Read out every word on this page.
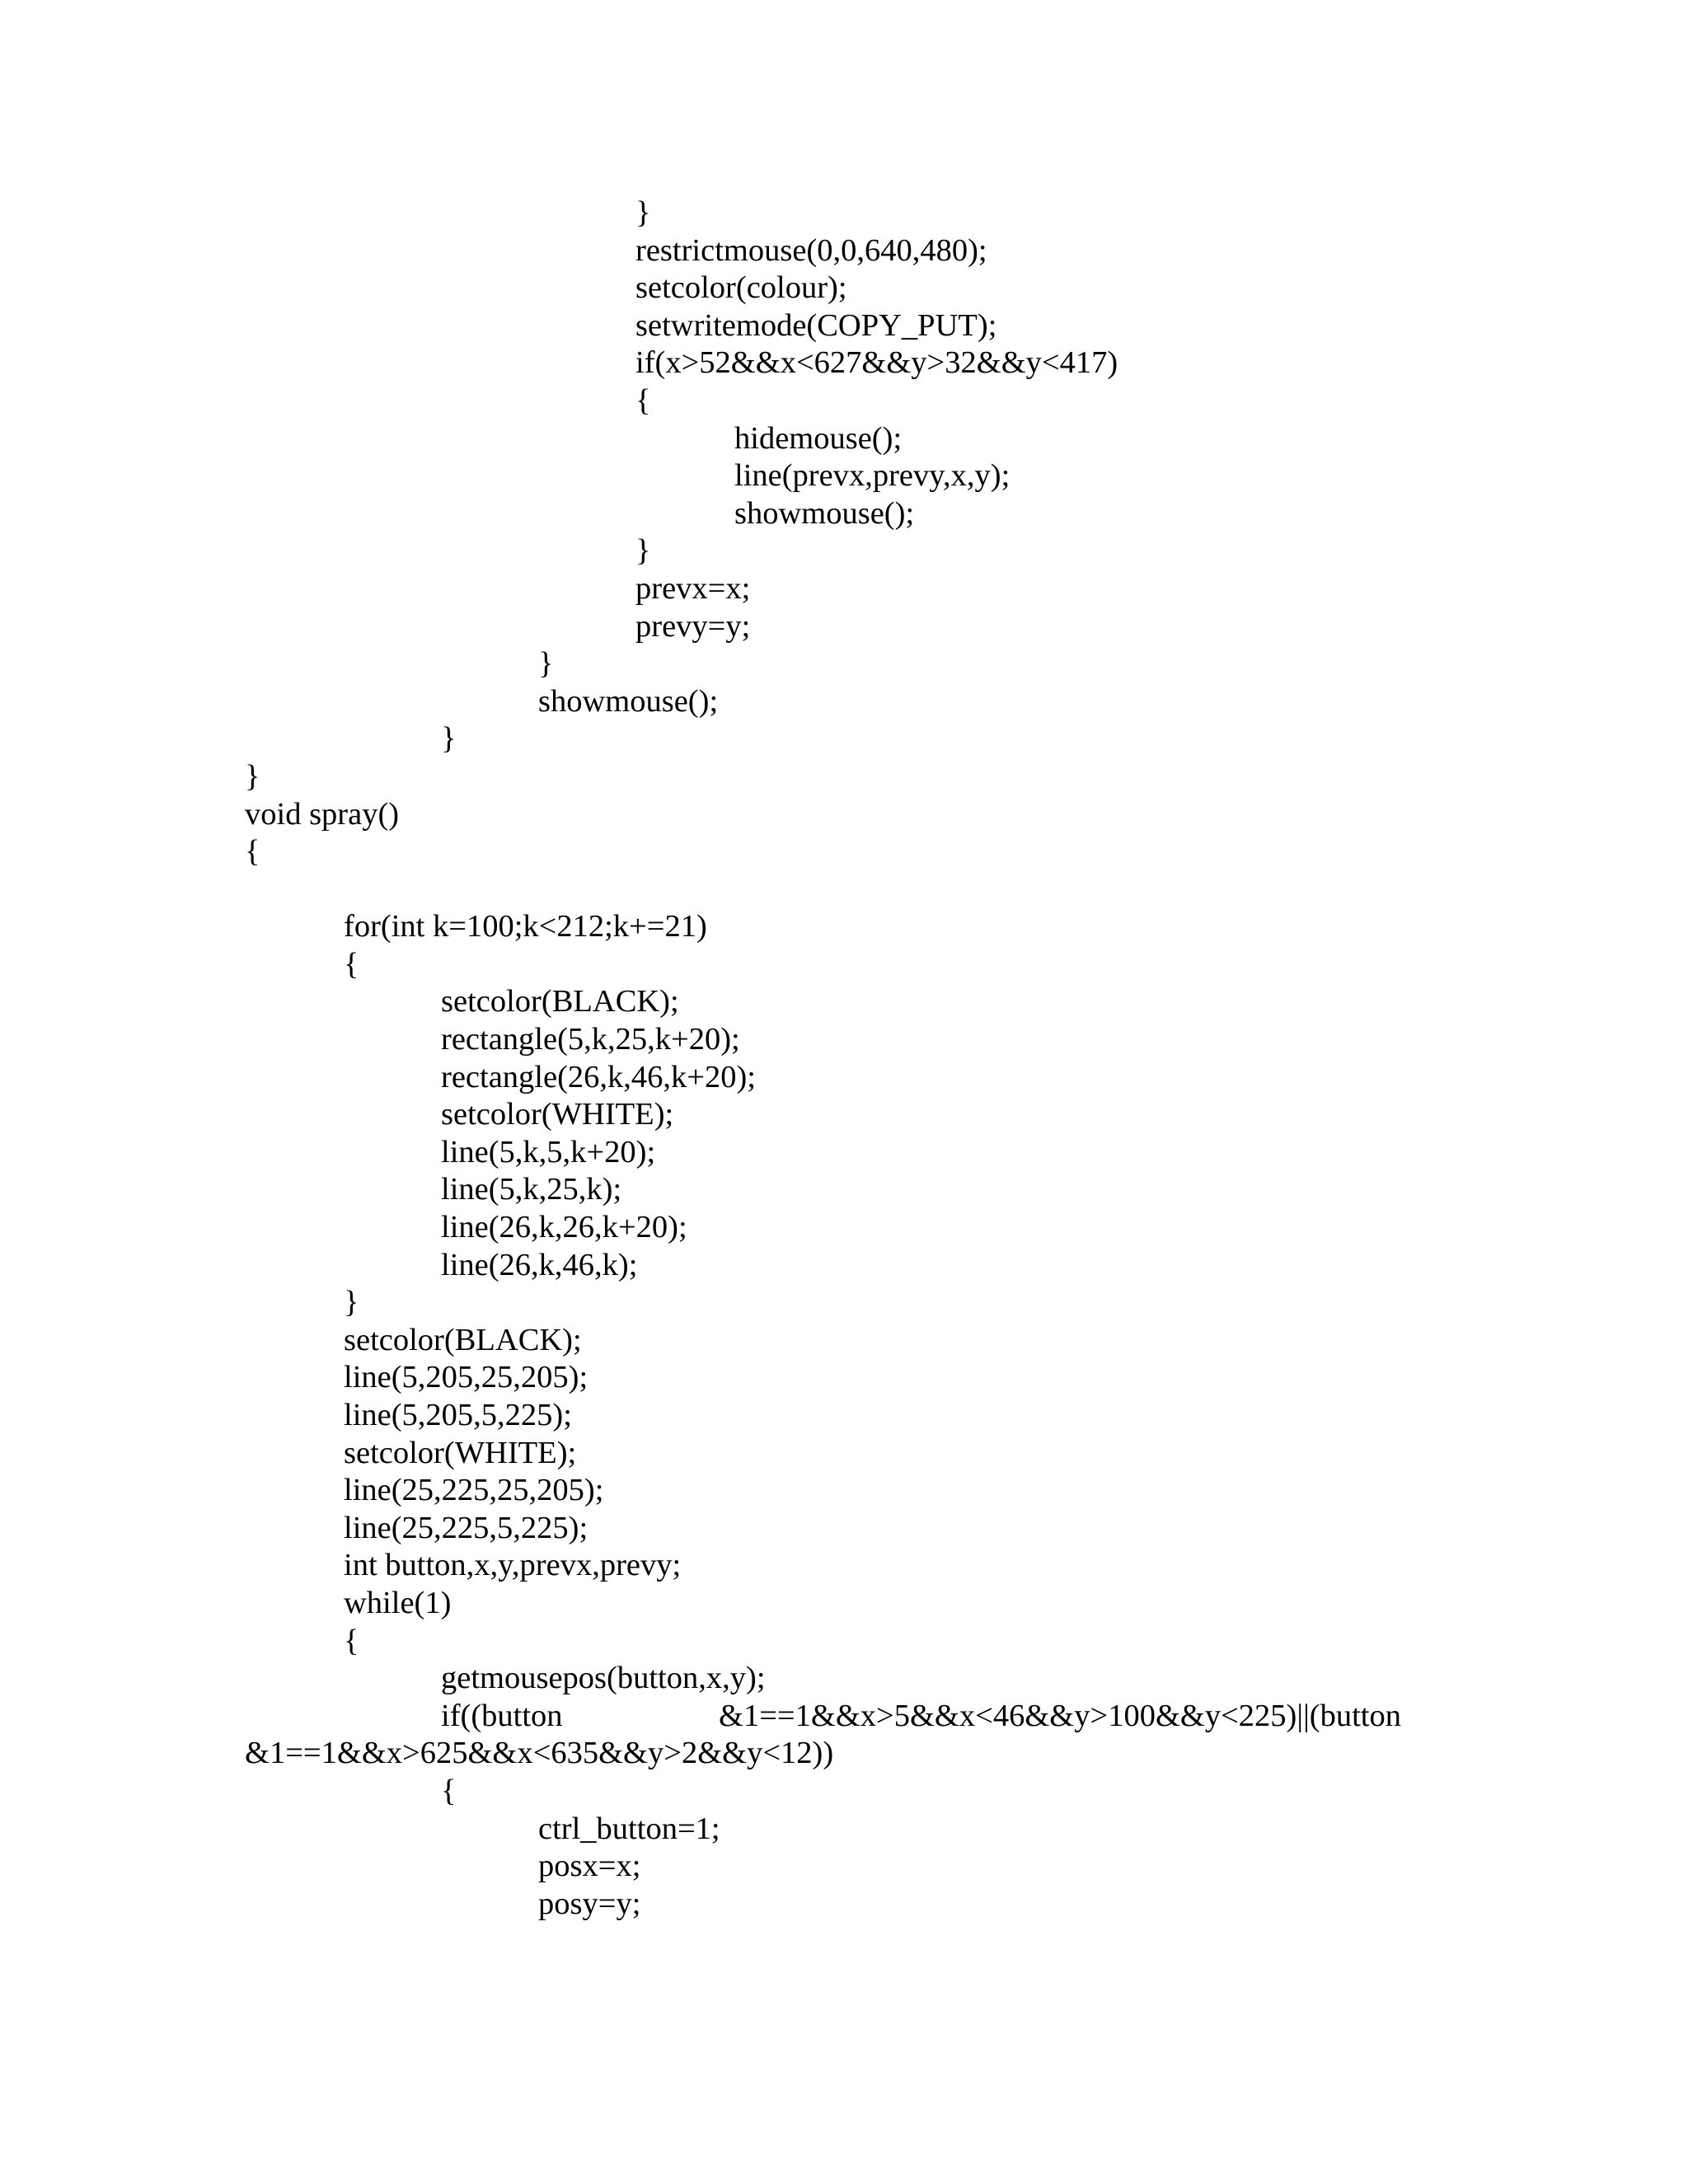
}
restrictmouse(0,0,640,480);
setcolor(colour);
setwritemode(COPY_PUT);
if(x>52&&x<627&&y>32&&y<417)
{
hidemouse();
line(prevx,prevy,x,y);
showmouse();
}
prevx=x;
prevy=y;
}
showmouse();
}
}
void spray()
{
for(int k=100;k<212;k+=21)
{
setcolor(BLACK);
rectangle(5,k,25,k+20);
rectangle(26,k,46,k+20);
setcolor(WHITE);
line(5,k,5,k+20);
line(5,k,25,k);
line(26,k,26,k+20);
line(26,k,46,k);
}
setcolor(BLACK);
line(5,205,25,205);
line(5,205,5,225);
setcolor(WHITE);
line(25,225,25,205);
line(25,225,5,225);
int button,x,y,prevx,prevy;
while(1)
{
getmousepos(button,x,y);
if((button	&1==1&&x>5&&x<46&&y>100&&y<225)||(button
&1==1&&x>625&&x<635&&y>2&&y<12))
{
ctrl_button=1;
posx=x;
posy=y;
